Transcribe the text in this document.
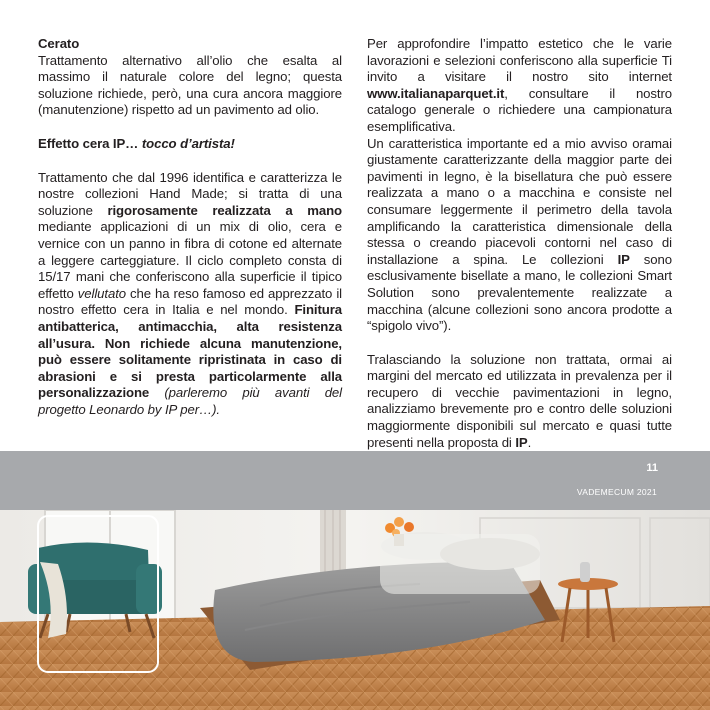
Cerato
Trattamento alternativo all’olio che esalta al massimo il naturale colore del legno; questa soluzione richiede, però, una cura ancora maggiore (manutenzione) rispetto ad un pavimento ad olio.

Effetto cera IP… tocco d’artista!

Trattamento che dal 1996 identifica e caratterizza le nostre collezioni Hand Made; si tratta di una soluzione rigorosamente realizzata a mano mediante applicazioni di un mix di olio, cera e vernice con un panno in fibra di cotone ed alternate a leggere carteggiature. Il ciclo completo consta di 15/17 mani che conferiscono alla superficie il tipico effetto vellutato che ha reso famoso ed apprezzato il nostro effetto cera in Italia e nel mondo. Finitura antibatterica, antimacchia, alta resistenza all’usura. Non richiede alcuna manutenzione, può essere solitamente ripristinata in caso di abrasioni e si presta particolarmente alla personalizzazione (parleremo più avanti del progetto Leonardo by IP per…).

Per approfondire l’impatto estetico che le varie lavorazioni e selezioni conferiscono alla superficie Ti invito a visitare il nostro sito internet www.italianaparquet.it, consultare il nostro catalogo generale o richiedere una campionatura esemplificativa.

Un caratteristica importante ed a mio avviso oramai giustamente caratterizzante della maggior parte dei pavimenti in legno, è la bisellatura che può essere realizzata a mano o a macchina e consiste nel consumare leggermente il perimetro della tavola amplificando la caratteristica dimensionale della stessa o creando piacevoli contorni nel caso di installazione a spina. Le collezioni IP sono esclusivamente bisellate a mano, le collezioni Smart Solution sono prevalentemente realizzate a macchina (alcune collezioni sono ancora prodotte a “spigolo vivo”).

Tralasciando la soluzione non trattata, ormai ai margini del mercato ed utilizzata in prevalenza per il recupero di vecchie pavimentazioni in legno, analizziamo brevemente pro e contro delle soluzioni maggiormente disponibili sul mercato e quasi tutte presenti nella proposta di IP.

11
VADEMECUM 2021
